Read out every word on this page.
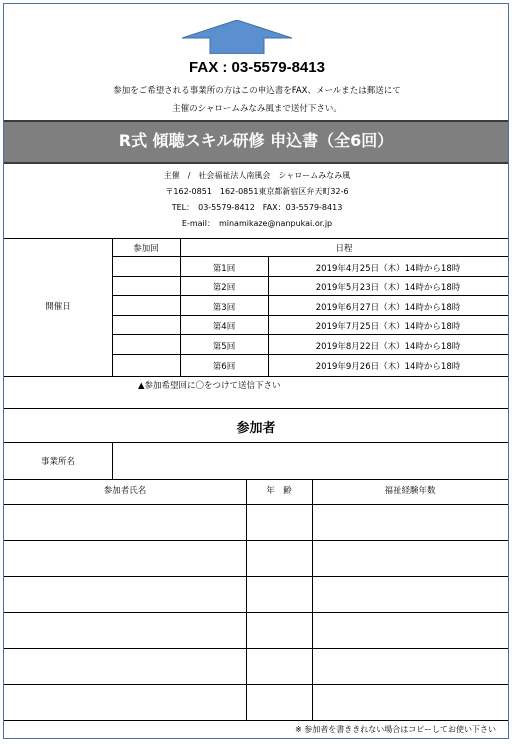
FAX : 03-5579-8413
参加をご希望される事業所の方はこの申込書をFAX、メールまたは郵送にて
主催のシャロームみなみ風まで送付下さい。
R式 傾聴スキル研修 申込書（全6回）
主催　/　社会福祉法人南風会　シャロームみなみ風
〒162-0851　162-0851東京都新宿区弁天町32-6
TEL：　03-5579-8412　FAX：03-5579-8413
E-mail：　minamikaze@nanpukai.or.jp
開催日
参加回	日程
第1回	2019年4月25日（木）14時から18時
第2回	2019年5月23日（木）14時から18時
第3回	2019年6月27日（木）14時から18時
第4回	2019年7月25日（木）14時から18時
第5回	2019年8月22日（木）14時から18時
第6回	2019年9月26日（木）14時から18時
▲参加希望回に〇をつけて送信下さい
参加者
事業所名
参加者氏名	年　齢	福祉経験年数
※ 参加者を書ききれない場合はコピーしてお使い下さい
